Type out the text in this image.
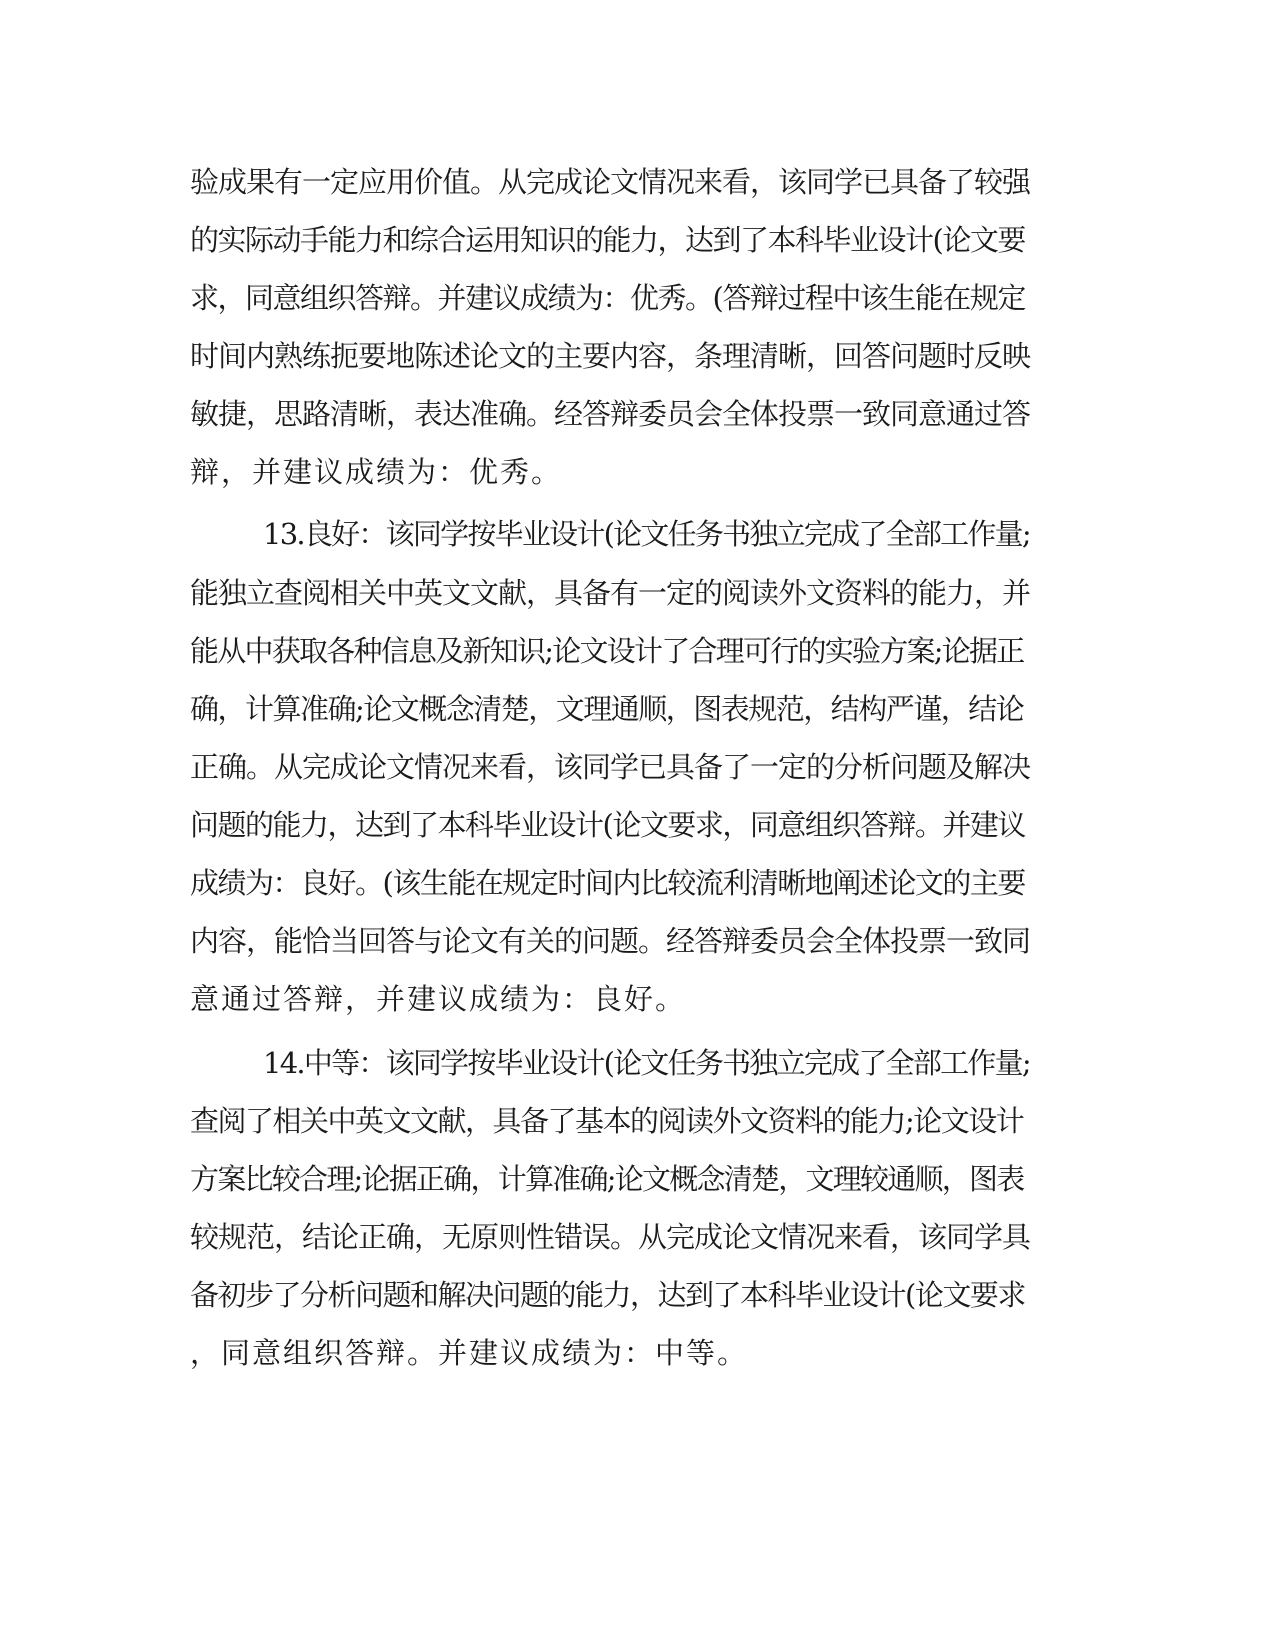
验成果有一定应用价值。从完成论文情况来看，该同学已具备了较强
的实际动手能力和综合运用知识的能力，达到了本科毕业设计(论文要
求，同意组织答辩。并建议成绩为：优秀。(答辩过程中该生能在规定
时间内熟练扼要地陈述论文的主要内容，条理清晰，回答问题时反映
敏捷，思路清晰，表达准确。经答辩委员会全体投票一致同意通过答
辩，并建议成绩为：优秀。
13.良好：该同学按毕业设计(论文任务书独立完成了全部工作量;
能独立查阅相关中英文文献，具备有一定的阅读外文资料的能力，并
能从中获取各种信息及新知识;论文设计了合理可行的实验方案;论据正
确，计算准确;论文概念清楚，文理通顺，图表规范，结构严谨，结论
正确。从完成论文情况来看，该同学已具备了一定的分析问题及解决
问题的能力，达到了本科毕业设计(论文要求，同意组织答辩。并建议
成绩为：良好。(该生能在规定时间内比较流利清晰地阐述论文的主要
内容，能恰当回答与论文有关的问题。经答辩委员会全体投票一致同
意通过答辩，并建议成绩为：良好。
14.中等：该同学按毕业设计(论文任务书独立完成了全部工作量;
查阅了相关中英文文献，具备了基本的阅读外文资料的能力;论文设计
方案比较合理;论据正确，计算准确;论文概念清楚，文理较通顺，图表
较规范，结论正确，无原则性错误。从完成论文情况来看，该同学具
备初步了分析问题和解决问题的能力，达到了本科毕业设计(论文要求
，同意组织答辩。并建议成绩为：中等。
